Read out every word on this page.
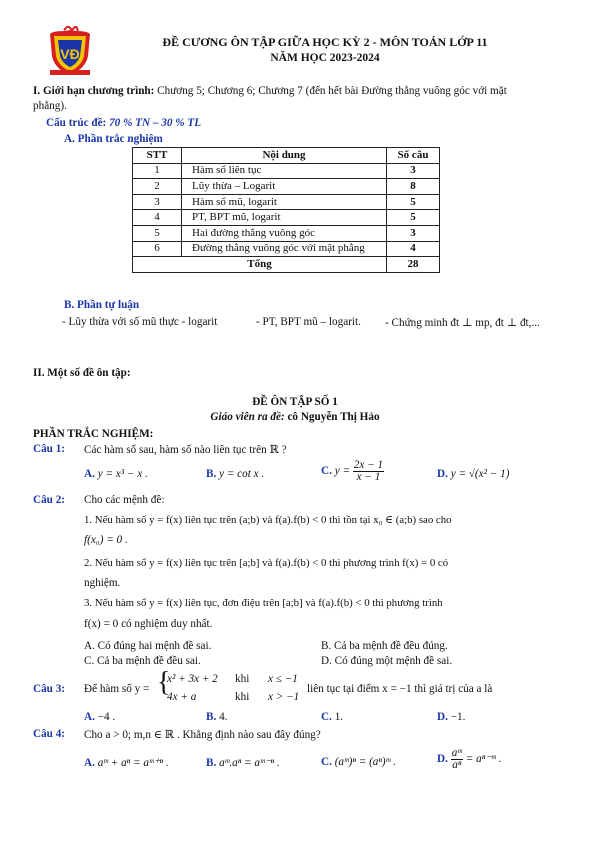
VĐ
ĐỀ CƯƠNG ÔN TẬP GIỮA HỌC KỲ 2 - MÔN TOÁN LỚP 11
NĂM HỌC 2023-2024
I. Giới hạn chương trình: Chương 5; Chương 6; Chương 7 (đến hết bài Đường thẳng vuông góc với mặt
phẳng).
Cấu trúc đề: 70 % TN – 30 % TL
A. Phần trắc nghiệm
STT	Nội dung	Số câu
1	Hàm số liên tục	3
2	Lũy thừa – Logarit	8
3	Hàm số mũ, logarit	5
4	PT, BPT mũ, logarit	5
5	Hai đường thẳng vuông góc	3
6	Đường thẳng vuông góc với mặt phẳng	4
Tổng		28
B. Phần tự luận
- Lũy thừa với số mũ thực - logarit	- PT, BPT mũ – logarit. - Chứng minh đt ⊥ mp, đt ⊥ đt,...
II. Một số đề ôn tập:
ĐỀ ÔN TẬP SỐ 1
Giáo viên ra đề: cô Nguyễn Thị Hảo
PHẦN TRẮC NGHIỆM:
Câu 1: Các hàm số sau, hàm số nào liên tục trên ℝ ?
A. y = x³ − x .	B. y = cot x .	C. $y = \frac{2x - 1}{x - 1}$	D. y = √(x² − 1)
Câu 2: Cho các mệnh đề:
1. Nếu hàm số y = f(x) liên tục trên (a;b) và f(a).f(b) < 0 thì tồn tại x₀ ∈ (a;b) sao cho
f(x₀) = 0 .
2. Nếu hàm số y = f(x) liên tục trên [a;b] và f(a).f(b) < 0 thì phương trình f(x) = 0 có
nghiệm.
3. Nếu hàm số y = f(x) liên tục, đơn điệu trên [a;b] và f(a).f(b) < 0 thì phương trình
f(x) = 0 có nghiệm duy nhất.
A. Có đúng hai mệnh đề sai.	B. Cả ba mệnh đề đều đúng.
C. Cả ba mệnh đề đều sai.	D. Có đúng một mệnh đề sai.
Câu 3: Để hàm số y = {
x² + 3x + 2 khi x ≤ −1
4x + a	khi x > −1
liên tục tại điểm x = −1 thì giá trị của a là
A. −4 .	B. 4.	C. 1.	D. −1.
Câu 4: Cho a > 0; m,n ∈ ℝ . Khẳng định nào sau đây đúng?
A. aᵐ + aⁿ = aᵐ⁺ⁿ .	B. aᵐ.aⁿ = aᵐ⁻ⁿ .	C. (aᵐ)ⁿ = (aⁿ)ᵐ .	D. $\frac{\text{aᵐ}}{\text{aⁿ}}$ = aⁿ⁻ᵐ .
